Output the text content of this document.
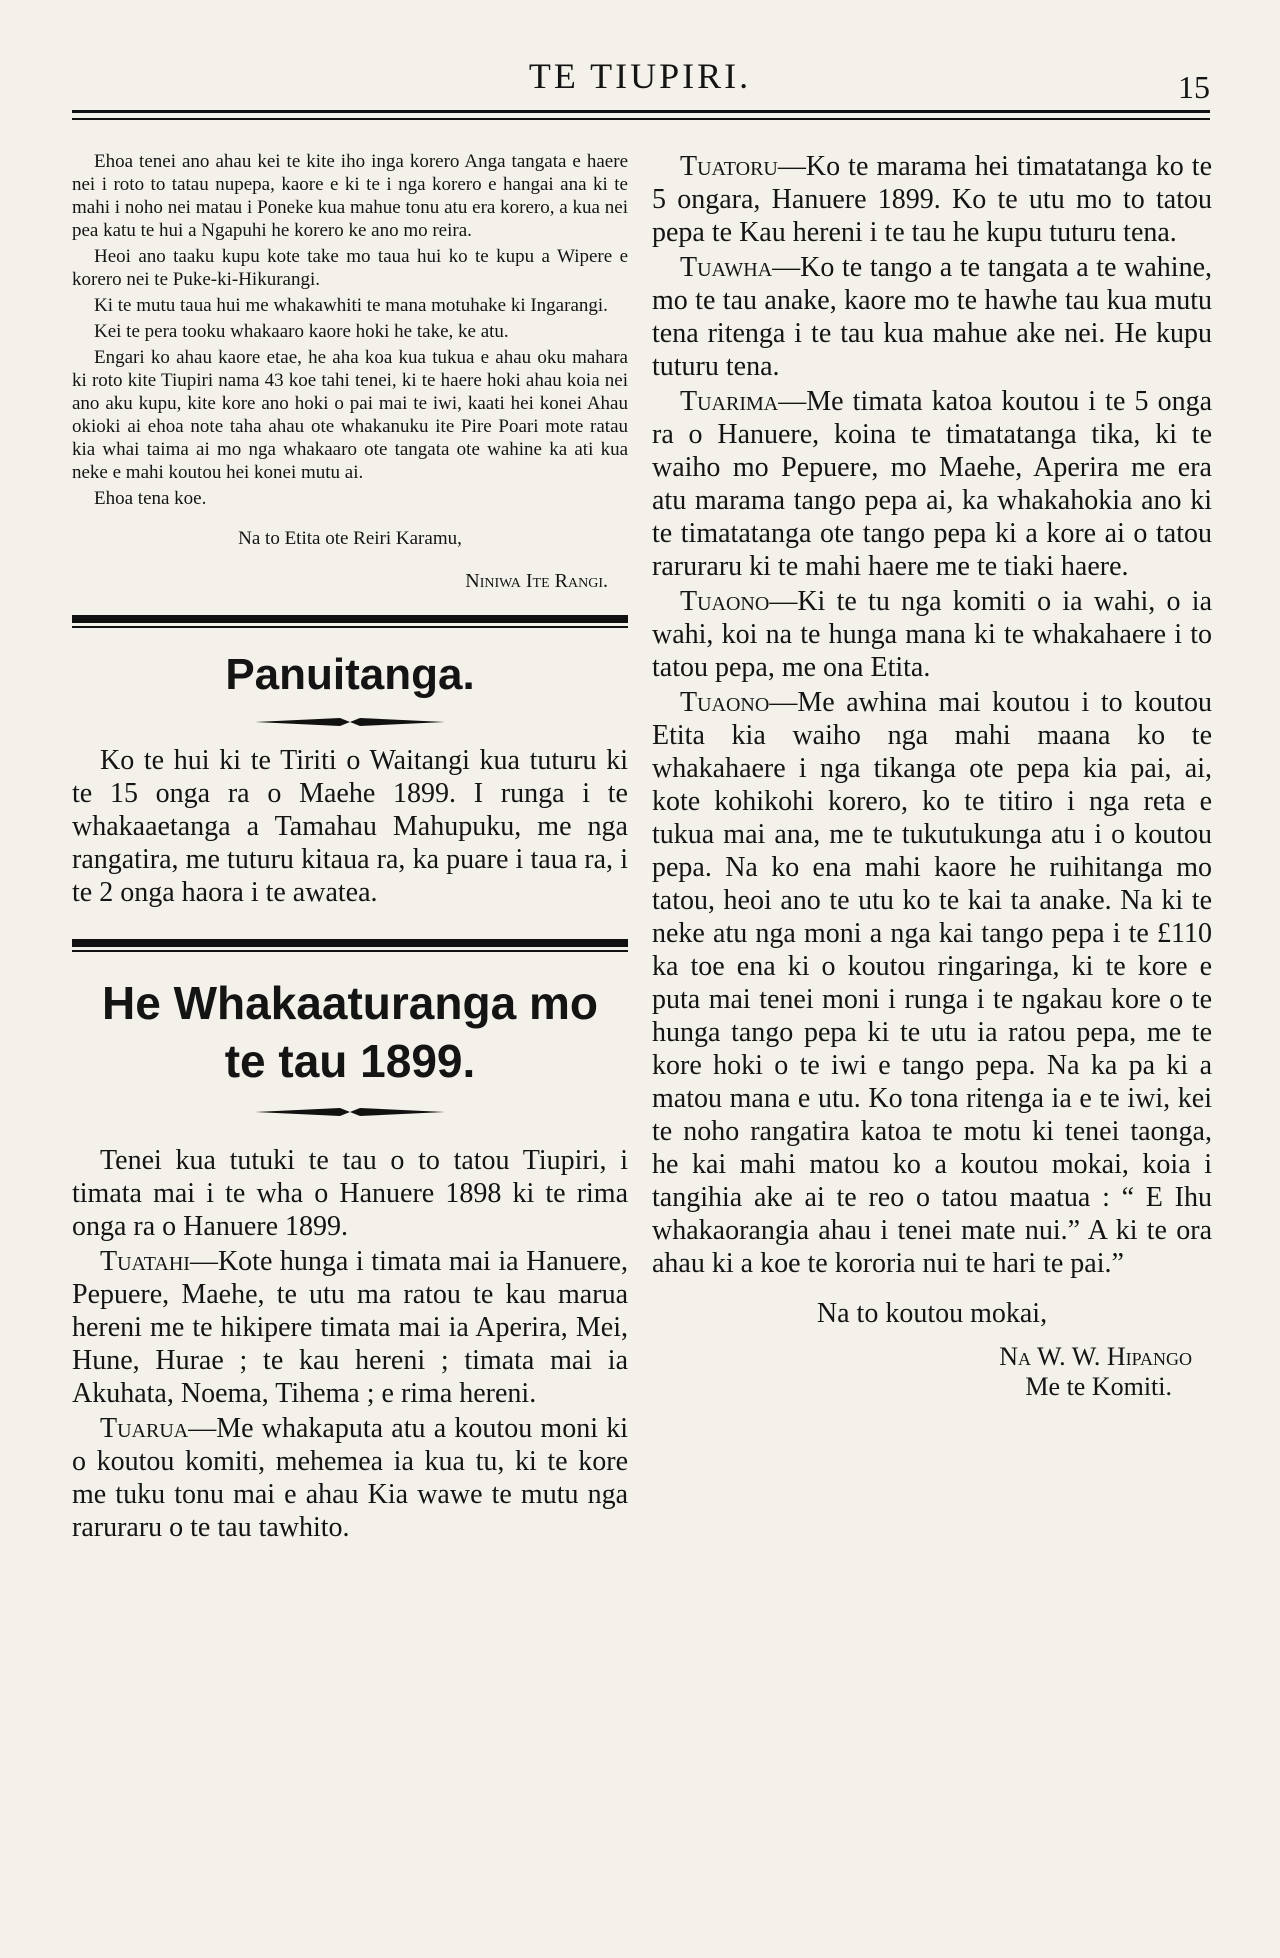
TE TIUPIRI.	15

Ehoa tenei ano ahau kei te kite iho inga korero Anga tangata e haere nei i roto to tatau nupepa, kaore e ki te i nga korero e hangai ana ki te mahi i noho nei matau i Poneke kua mahue tonu atu era korero, a kua nei pea katu te hui a Ngapuhi he korero ke ano mo reira.

Heoi ano taaku kupu kote take mo taua hui ko te kupu a Wipere e korero nei te Puke-ki-Hikurangi.

Ki te mutu taua hui me whakawhiti te mana motuhake ki Ingarangi.

Kei te pera tooku whakaaro kaore hoki he take, ke atu.

Engari ko ahau kaore etae, he aha koa kua tukua e ahau oku mahara ki roto kite Tiupiri nama 43 koe tahi tenei, ki te haere hoki ahau koia nei ano aku kupu, kite kore ano hoki o pai mai te iwi, kaati hei konei Ahau okioki ai ehoa note taha ahau ote whakanuku ite Pire Poari mote ratau kia whai taima ai mo nga whakaaro ote tangata ote wahine ka ati kua neke e mahi koutou hei konei mutu ai.

Ehoa tena koe.

Na to Etita ote Reiri Karamu,
Niniwa Ite Rangi.
Panuitanga.

Ko te hui ki te Tiriti o Waitangi kua tuturu ki te 15 onga ra o Maehe 1899. I runga i te whakaaetanga a Tamahau Mahupuku, me nga rangatira, me tuturu kitaua ra, ka puare i taua ra, i te 2 onga haora i te awatea.

He Whakaaturanga mo
te tau 1899.

Tenei kua tutuki te tau o to tatou Tiupiri, i timata mai i te wha o Hanuere 1898 ki te rima onga ra o Hanuere 1899.

Tuatahi—Kote hunga i timata mai ia Hanuere, Pepuere, Maehe, te utu ma ratou te kau marua hereni me te hikipere timata mai ia Aperira, Mei, Hune, Hurae ; te kau hereni ; timata mai ia Akuhata, Noema, Tihema ; e rima hereni.

Tuarua—Me whakaputa atu a koutou moni ki o koutou komiti, mehemea ia kua tu, ki te kore me tuku tonu mai e ahau Kia wawe te mutu nga raruraru o te tau tawhito.

Tuatoru—Ko te marama hei timatatanga ko te 5 ongara, Hanuere 1899. Ko te utu mo to tatou pepa te Kau hereni i te tau he kupu tuturu tena.

Tuawha—Ko te tango a te tangata a te wahine, mo te tau anake, kaore mo te hawhe tau kua mutu tena ritenga i te tau kua mahue ake nei. He kupu tuturu tena.

Tuarima—Me timata katoa koutou i te 5 onga ra o Hanuere, koina te timatatanga tika, ki te waiho mo Pepuere, mo Maehe, Aperira me era atu marama tango pepa ai, ka whakahokia ano ki te timatatanga ote tango pepa ki a kore ai o tatou raruraru ki te mahi haere me te tiaki haere.

Tuaono—Ki te tu nga komiti o ia wahi, o ia wahi, koi na te hunga mana ki te whakahaere i to tatou pepa, me ona Etita.

Tuaono—Me awhina mai koutou i to koutou Etita kia waiho nga mahi maana ko te whakahaere i nga tikanga ote pepa kia pai, ai, kote kohikohi korero, ko te titiro i nga reta e tukua mai ana, me te tukutukunga atu i o koutou pepa. Na ko ena mahi kaore he ruihitanga mo tatou, heoi ano te utu ko te kai ta anake. Na ki te neke atu nga moni a nga kai tango pepa i te £110 ka toe ena ki o koutou ringaringa, ki te kore e puta mai tenei moni i runga i te ngakau kore o te hunga tango pepa ki te utu ia ratou pepa, me te kore hoki o te iwi e tango pepa. Na ka pa ki a matou mana e utu. Ko tona ritenga ia e te iwi, kei te noho rangatira katoa te motu ki tenei taonga, he kai mahi matou ko a koutou mokai, koia i tangihia ake ai te reo o tatou maatua : “ E Ihu whakaorangia ahau i tenei mate nui.” A ki te ora ahau ki a koe te kororia nui te hari te pai.”

Na to koutou mokai,
Na W. W. Hipango
Me te Komiti.
